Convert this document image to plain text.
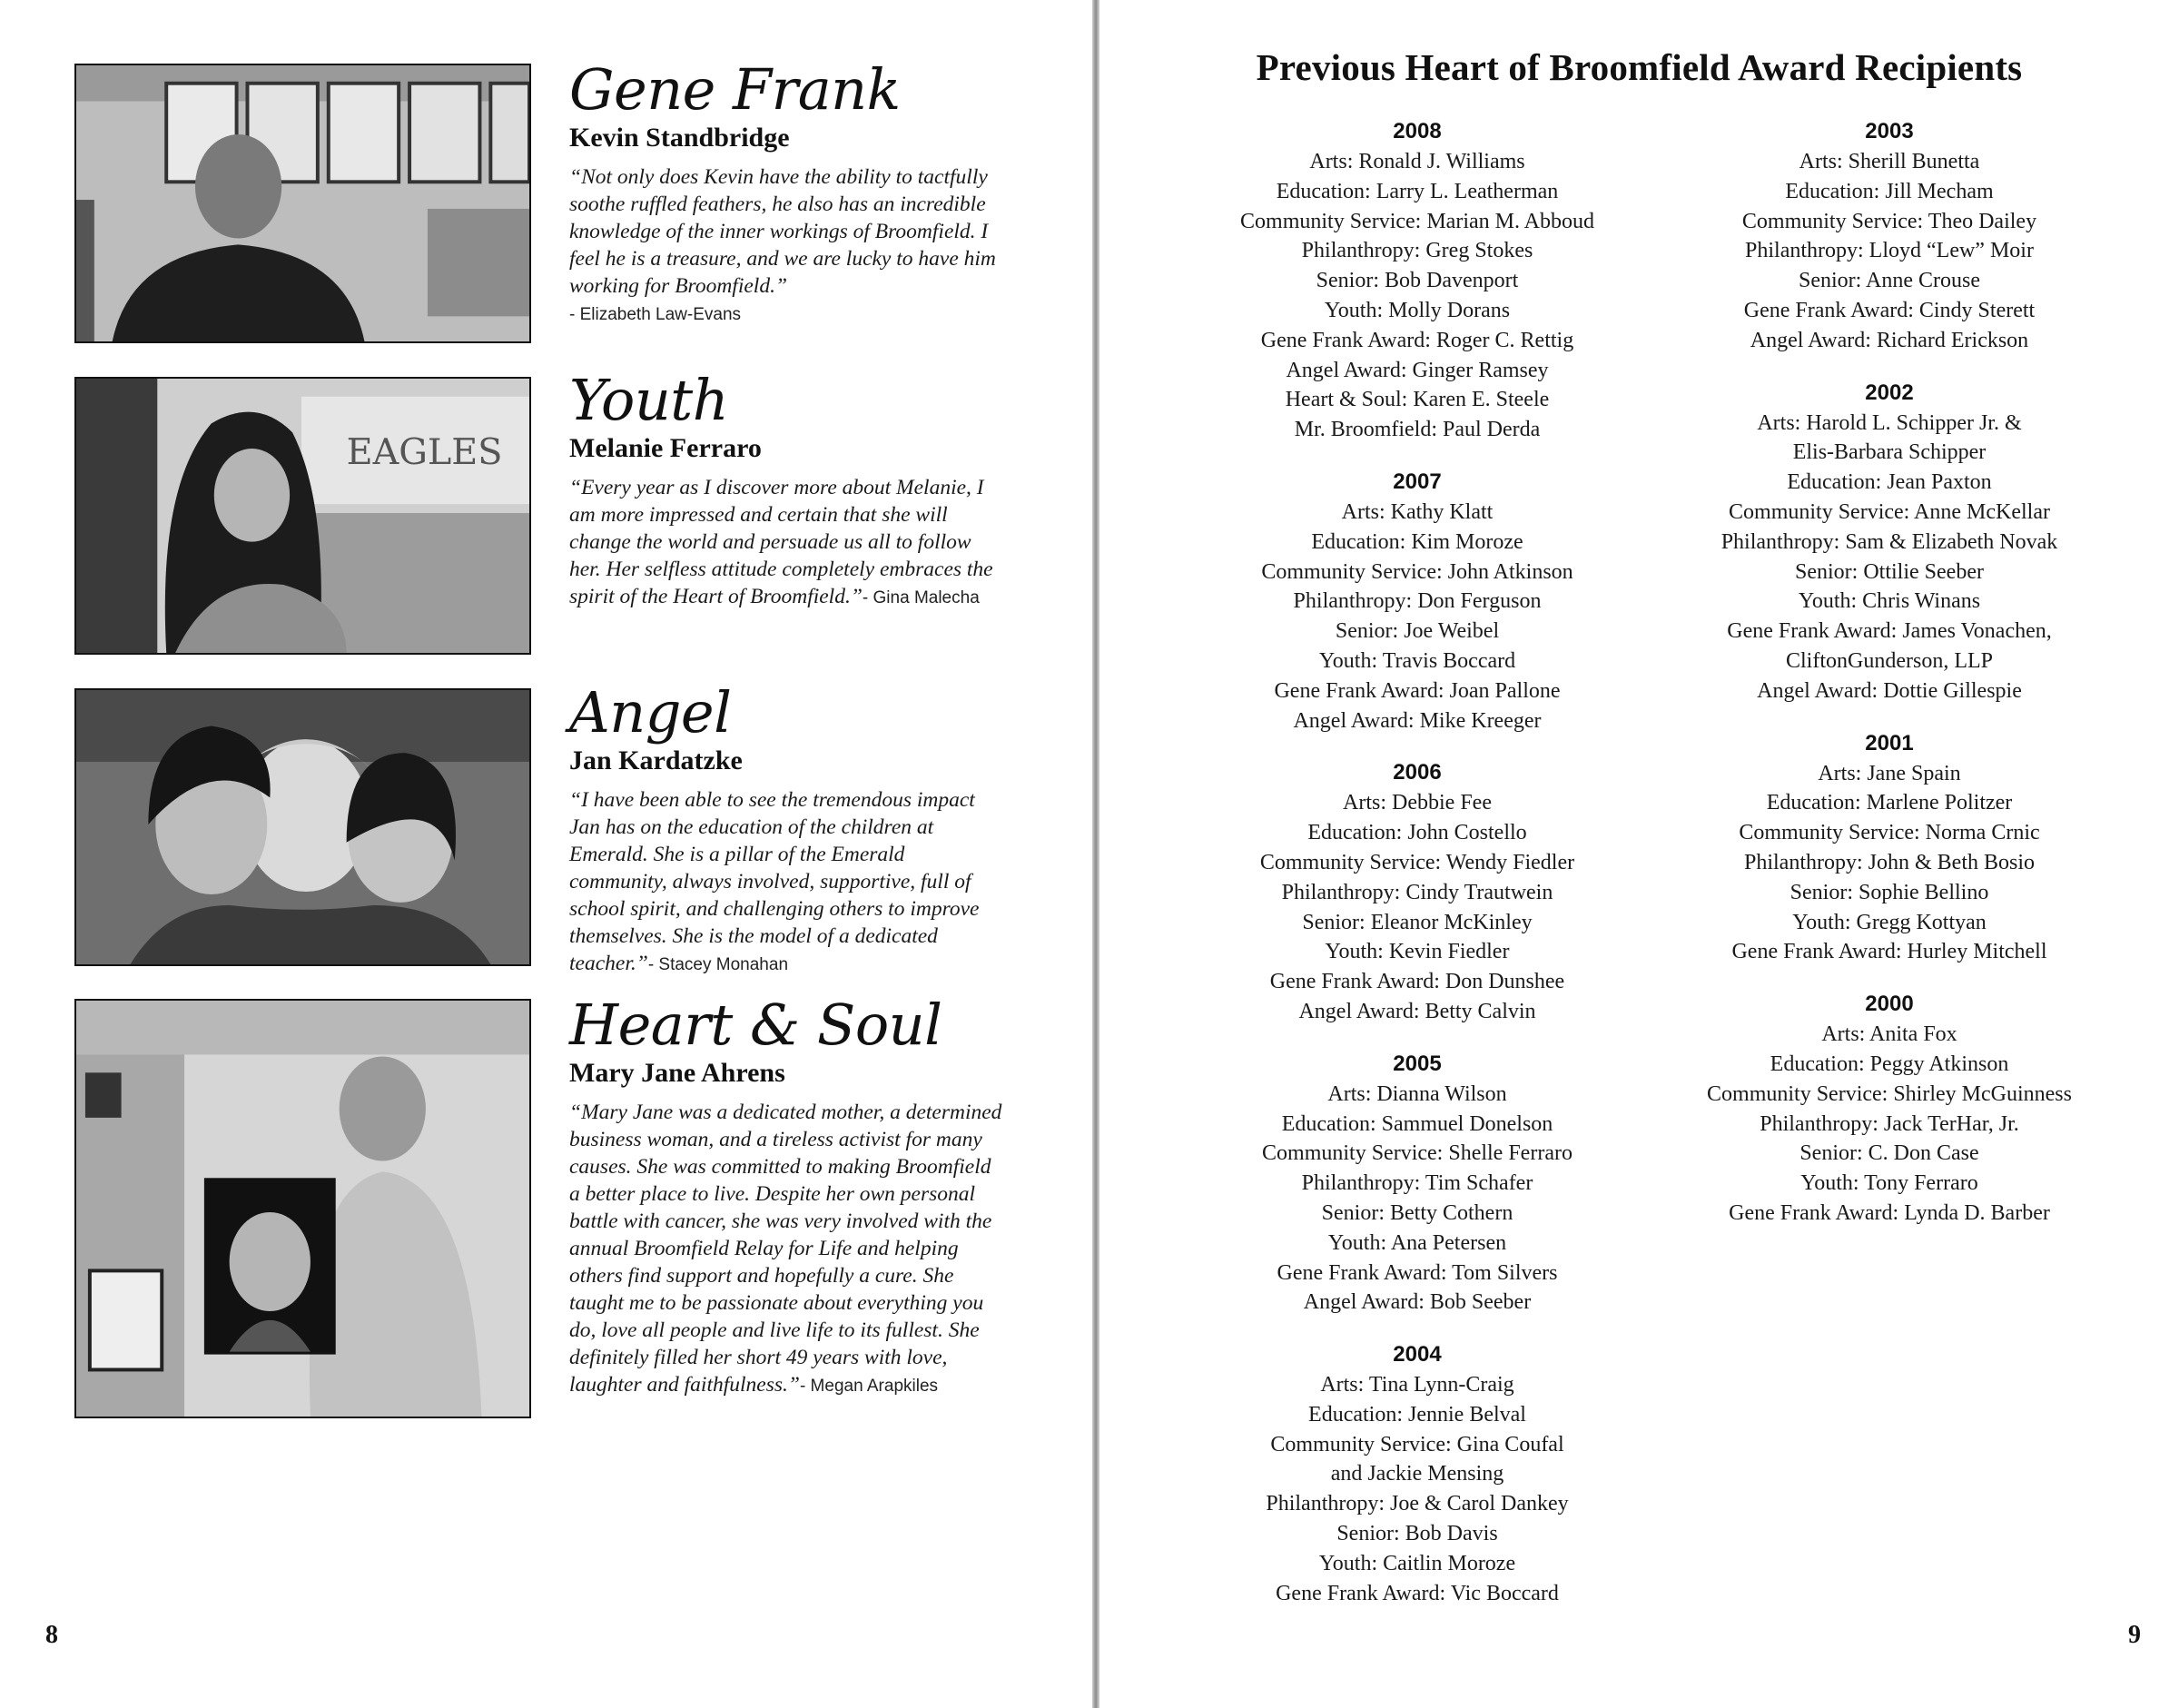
Gene Frank
Kevin Standbridge
“Not only does Kevin have the ability to tactfully soothe ruffled feathers, he also has an incredible knowledge of the inner workings of Broomfield. I feel he is a treasure, and we are lucky to have him working for Broomfield.”
- Elizabeth Law-Evans
EAGLES
Youth
Melanie Ferraro
“Every year as I discover more about Melanie, I am more impressed and certain that she will change the world and persuade us all to follow her. Her selfless attitude completely embraces the spirit of the Heart of Broomfield.”- Gina Malecha
Angel
Jan Kardatzke
“I have been able to see the tremendous impact Jan has on the education of the children at Emerald. She is a pillar of the Emerald community, always involved, supportive, full of school spirit, and challenging others to improve themselves. She is the model of a dedicated teacher.”- Stacey Monahan
Heart & Soul
Mary Jane Ahrens
“Mary Jane was a dedicated mother, a determined business woman, and a tireless activist for many causes. She was committed to making Broomfield a better place to live. Despite her own personal battle with cancer, she was very involved with the annual Broomfield Relay for Life and helping others find support and hopefully a cure. She taught me to be passionate about everything you do, love all people and live life to its fullest. She definitely filled her short 49 years with love, laughter and faithfulness.”- Megan Arapkiles
8
Previous Heart of Broomfield Award Recipients
2008
Arts: Ronald J. Williams
Education: Larry L. Leatherman
Community Service: Marian M. Abboud
Philanthropy: Greg Stokes
Senior: Bob Davenport
Youth: Molly Dorans
Gene Frank Award: Roger C. Rettig
Angel Award: Ginger Ramsey
Heart & Soul: Karen E. Steele
Mr. Broomfield: Paul Derda
2007
Arts: Kathy Klatt
Education: Kim Moroze
Community Service: John Atkinson
Philanthropy: Don Ferguson
Senior: Joe Weibel
Youth: Travis Boccard
Gene Frank Award: Joan Pallone
Angel Award: Mike Kreeger
2006
Arts: Debbie Fee
Education: John Costello
Community Service: Wendy Fiedler
Philanthropy: Cindy Trautwein
Senior: Eleanor McKinley
Youth: Kevin Fiedler
Gene Frank Award: Don Dunshee
Angel Award: Betty Calvin
2005
Arts: Dianna Wilson
Education: Sammuel Donelson
Community Service: Shelle Ferraro
Philanthropy: Tim Schafer
Senior: Betty Cothern
Youth: Ana Petersen
Gene Frank Award: Tom Silvers
Angel Award: Bob Seeber
2004
Arts: Tina Lynn-Craig
Education: Jennie Belval
Community Service: Gina Coufal
and Jackie Mensing
Philanthropy: Joe & Carol Dankey
Senior: Bob Davis
Youth: Caitlin Moroze
Gene Frank Award: Vic Boccard
2003
Arts: Sherill Bunetta
Education: Jill Mecham
Community Service: Theo Dailey
Philanthropy: Lloyd “Lew” Moir
Senior: Anne Crouse
Gene Frank Award: Cindy Sterett
Angel Award: Richard Erickson
2002
Arts: Harold L. Schipper Jr. &
Elis-Barbara Schipper
Education: Jean Paxton
Community Service: Anne McKellar
Philanthropy: Sam & Elizabeth Novak
Senior: Ottilie Seeber
Youth: Chris Winans
Gene Frank Award: James Vonachen,
CliftonGunderson, LLP
Angel Award: Dottie Gillespie
2001
Arts: Jane Spain
Education: Marlene Politzer
Community Service: Norma Crnic
Philanthropy: John & Beth Bosio
Senior: Sophie Bellino
Youth: Gregg Kottyan
Gene Frank Award: Hurley Mitchell
2000
Arts: Anita Fox
Education: Peggy Atkinson
Community Service: Shirley McGuinness
Philanthropy: Jack TerHar, Jr.
Senior: C. Don Case
Youth: Tony Ferraro
Gene Frank Award: Lynda D. Barber
9
